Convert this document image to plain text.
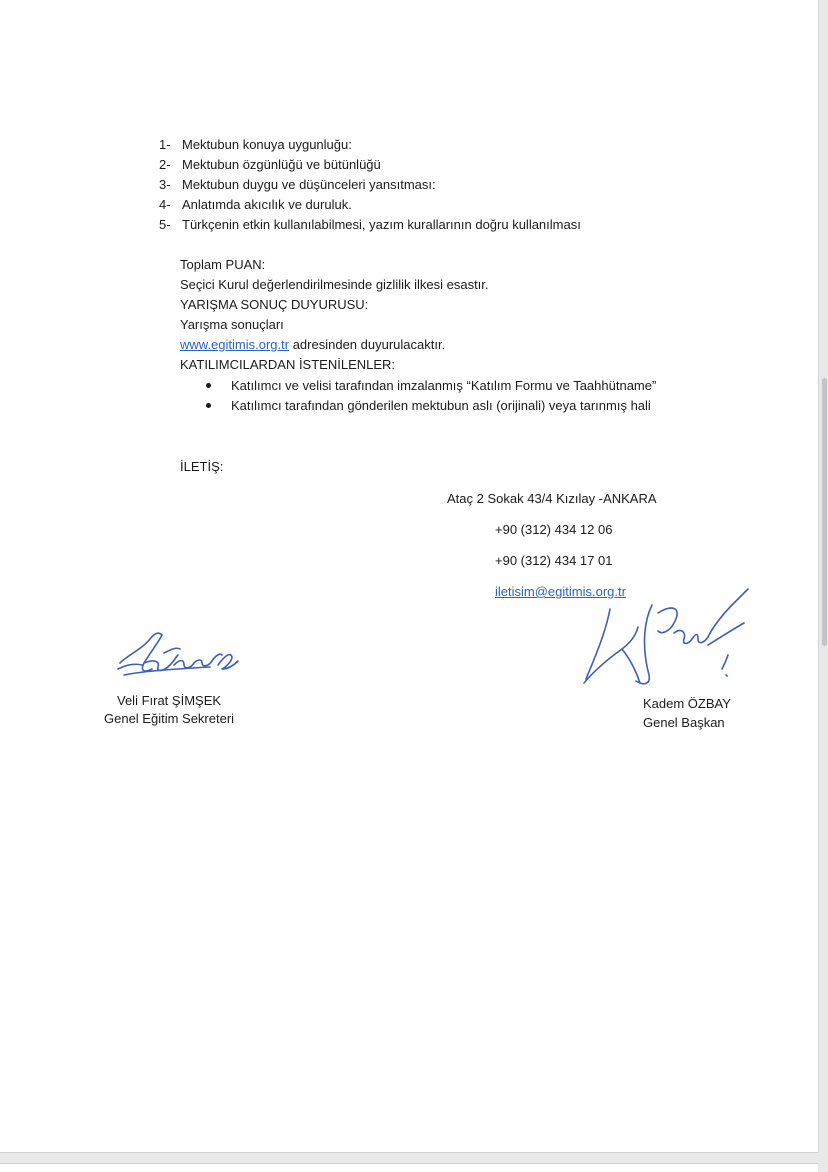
1- Mektubun konuya uygunluğu:
2- Mektubun özgünlüğü ve bütünlüğü
3- Mektubun duygu ve düşünceleri yansıtması:
4- Anlatımda akıcılık ve duruluk.
5- Türkçenin etkin kullanılabilmesi, yazım kurallarının doğru kullanılması
Toplam PUAN:
Seçici Kurul değerlendirilmesinde gizlilik ilkesi esastır.
YARIŞMA SONUÇ DUYURUSU:
Yarışma sonuçları
www.egitimis.org.tr adresinden duyurulacaktır.
KATILIMCILARDAN İSTENİLENLER:
Katılımcı ve velisi tarafından imzalanmış “Katılım Formu ve Taahhütname”
Katılımcı tarafından gönderilen mektubun aslı (orijinali) veya tarınmış hali
İLETİŞ:
Ataç 2 Sokak 43/4 Kızılay -ANKARA
+90 (312) 434 12 06
+90 (312) 434 17 01
iletisim@egitimis.org.tr
Veli Fırat ŞİMŞEK
Genel Eğitim Sekreteri
Kadem ÖZBAY
Genel Başkan
